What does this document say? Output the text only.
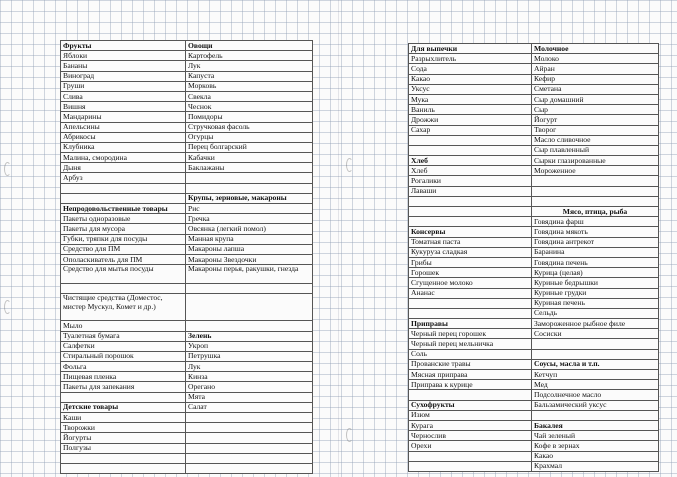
Фрукты	Овощи
Яблоки	Картофель
Бананы	Лук
Виноград	Капуста
Груши	Морковь
Слива	Свекла
Вишня	Чеснок
Мандарины	Помидоры
Апельсины	Стручковая фасоль
Абрикосы	Огурцы
Клубника	Перец болгарский
Малина, смородина	Кабачки
Дыня	Баклажаны
Арбуз	

	Крупы, зерновые, макароны
Непродовольственные товары	Рис
Пакеты одноразовые	Гречка
Пакеты для мусора	Овсянка (легкий помол)
Губки, тряпки для посуды	Манная крупа
Средство для ПМ	Макароны лапша
Ополаскиватель для ПМ	Макароны Звездочки
Средство для мытья посуды	Макароны перья, ракушки, гнезда

Чистящие средства (Доместос, мистер Мускул, Комет и др.)	
Мыло	
Туалетная бумага	Зелень
Салфетки	Укроп
Стиральный порошок	Петрушка
Фольга	Лук
Пищевая пленка	Кинза
Пакеты для запекания	Орегано
	Мята
Детские товары	Салат
Каши	
Творожки	
Йогурты	
Полгузы	

Для выпечки	Молочное
Разрыхлитель	Молоко
Сода	Айран
Какао	Кефир
Уксус	Сметана
Мука	Сыр домашний
Ваниль	Сыр
Дрожжи	Йогурт
Сахар	Творог
	Масло сливочное
	Сыр плавленный
Хлеб	Сырки глазированные
Хлеб	Мороженное
Рогалики	
Лаваши	

	Мясо, птица, рыба
	Говядина фарш
Консервы	Говядина мякоть
Томатная паста	Говядина антрекот
Кукуруза сладкая	Баранина
Грибы	Говядина печень
Горошек	Курица (целая)
Сгущенное молоко	Куриные бедрышки
Ананас	Куриные грудки
	Куриная печень
	Сельдь
Приправы	Замороженное рыбное филе
Черный перец горошек	Сосиски
Черный перец мельничка	
Соль	
Прованские травы	Соусы, масла и т.п.
Мясная приправа	Кетчуп
Приправа к курице	Мед
	Подсолнечное масло
Сухофрукты	Бальзамический уксус
Изюм	
Курага	Бакалея
Чернослив	Чай зеленый
Орехи	Кофе в зернах
	Какао
	Крахмал
